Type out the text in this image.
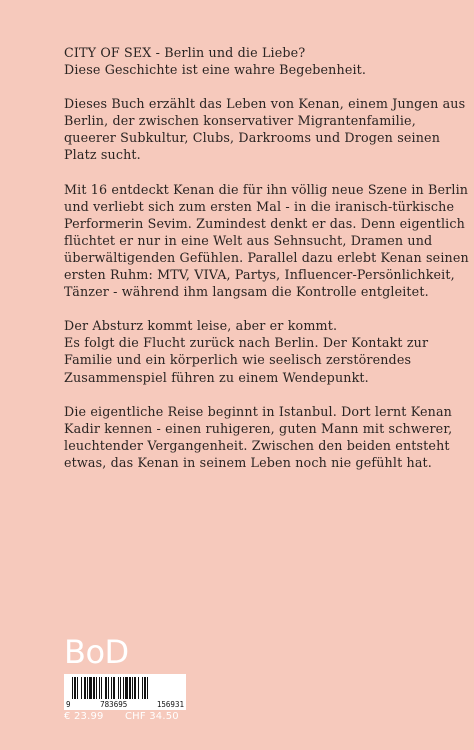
CITY OF SEX - Berlin und die Liebe?
Diese Geschichte ist eine wahre Begebenheit.
Dieses Buch erzählt das Leben von Kenan, einem Jungen aus
Berlin, der zwischen konservativer Migrantenfamilie,
queerer Subkultur, Clubs, Darkrooms und Drogen seinen
Platz sucht.
Mit 16 entdeckt Kenan die für ihn völlig neue Szene in Berlin
und verliebt sich zum ersten Mal - in die iranisch-türkische
Performerin Sevim. Zumindest denkt er das. Denn eigentlich
flüchtet er nur in eine Welt aus Sehnsucht, Dramen und
überwältigenden Gefühlen. Parallel dazu erlebt Kenan seinen
ersten Ruhm: MTV, VIVA, Partys, Influencer-Persönlichkeit,
Tänzer - während ihm langsam die Kontrolle entgleitet.
Der Absturz kommt leise, aber er kommt.
Es folgt die Flucht zurück nach Berlin. Der Kontakt zur
Familie und ein körperlich wie seelisch zerstörendes
Zusammenspiel führen zu einem Wendepunkt.
Die eigentliche Reise beginnt in Istanbul. Dort lernt Kenan
Kadir kennen - einen ruhigeren, guten Mann mit schwerer,
leuchtender Vergangenheit. Zwischen den beiden entsteht
etwas, das Kenan in seinem Leben noch nie gefühlt hat.
BoD
9	783695	156931
€ 23.99 CHF 34.50
